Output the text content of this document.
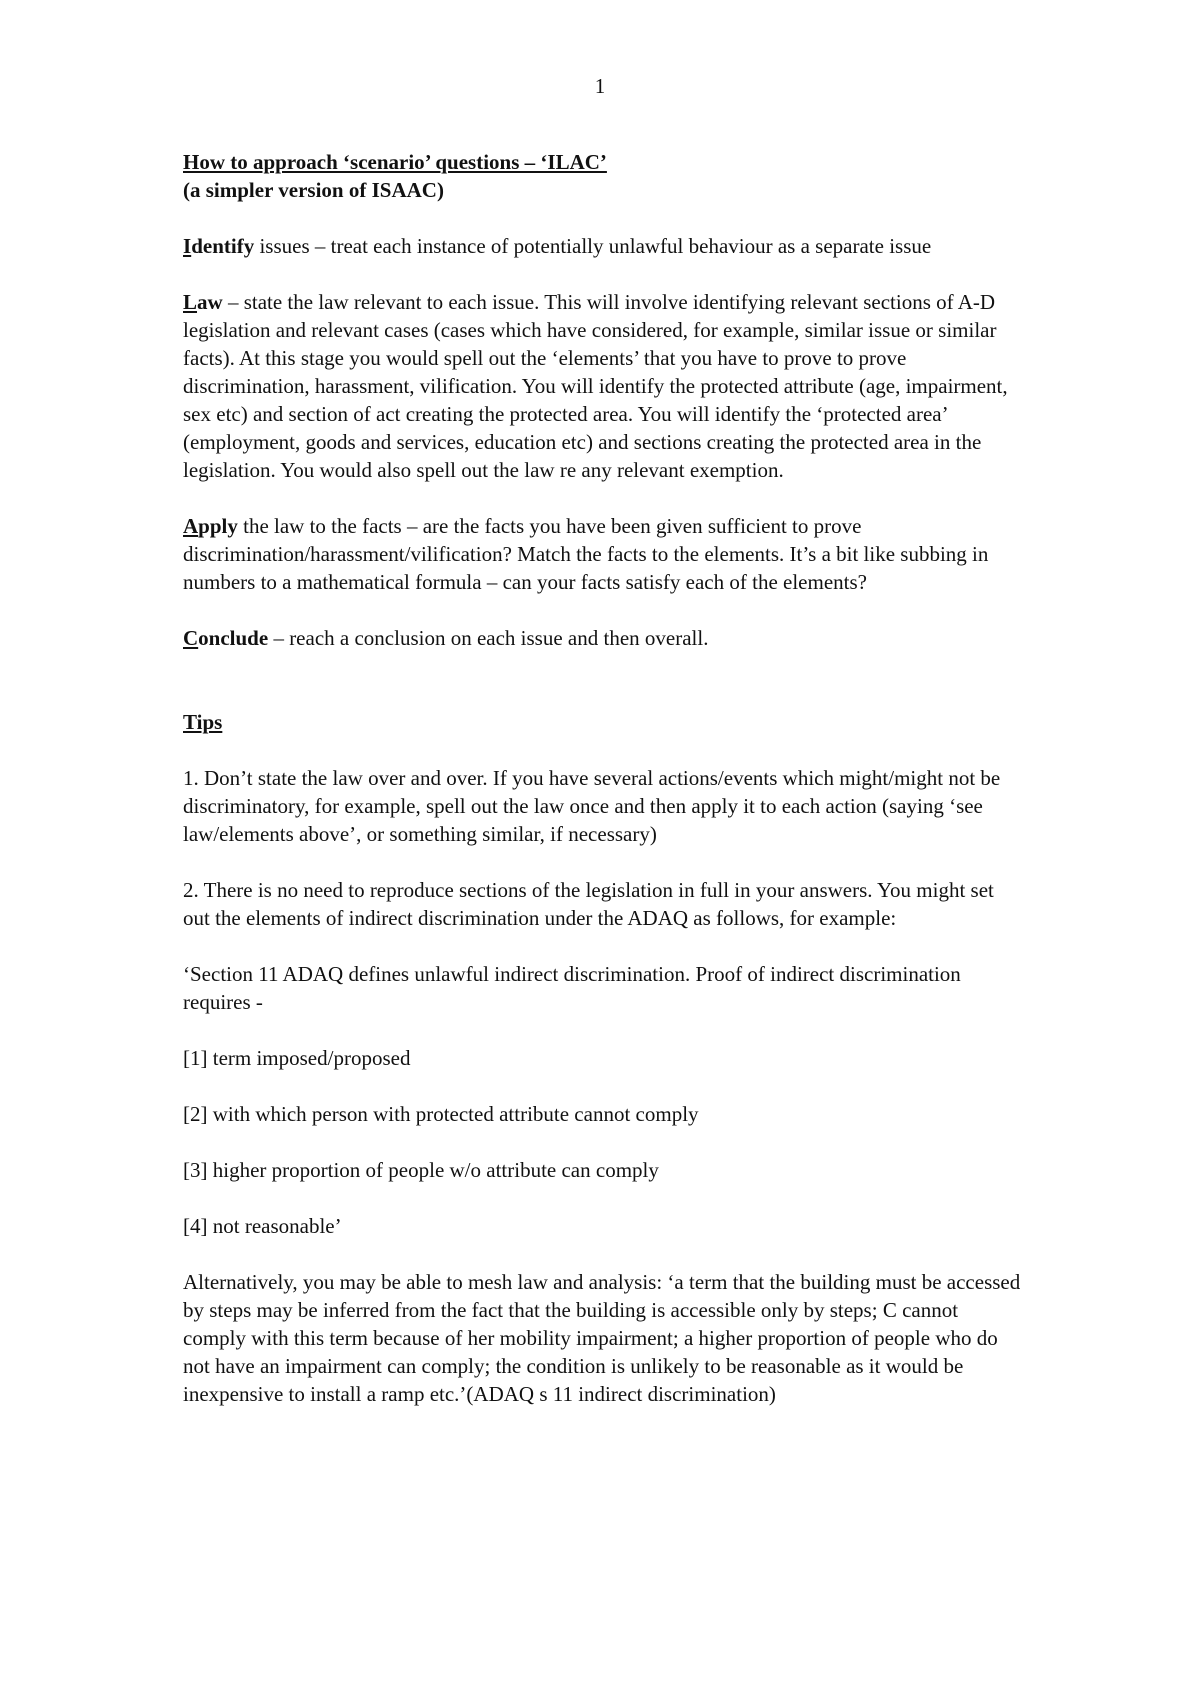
1

How to approach ‘scenario’ questions – ‘ILAC’
(a simpler version of ISAAC)

Identify issues – treat each instance of potentially unlawful behaviour as a separate issue

Law – state the law relevant to each issue. This will involve identifying relevant sections of A-D legislation and relevant cases (cases which have considered, for example, similar issue or similar facts). At this stage you would spell out the ‘elements’ that you have to prove to prove discrimination, harassment, vilification. You will identify the protected attribute (age, impairment, sex etc) and section of act creating the protected area. You will identify the ‘protected area’ (employment, goods and services, education etc) and sections creating the protected area in the legislation. You would also spell out the law re any relevant exemption.

Apply the law to the facts – are the facts you have been given sufficient to prove discrimination/harassment/vilification? Match the facts to the elements. It’s a bit like subbing in numbers to a mathematical formula – can your facts satisfy each of the elements?

Conclude – reach a conclusion on each issue and then overall.

Tips

1. Don’t state the law over and over. If you have several actions/events which might/might not be discriminatory, for example, spell out the law once and then apply it to each action (saying ‘see law/elements above’, or something similar, if necessary)

2. There is no need to reproduce sections of the legislation in full in your answers. You might set out the elements of indirect discrimination under the ADAQ as follows, for example:

‘Section 11 ADAQ defines unlawful indirect discrimination. Proof of indirect discrimination requires -

[1] term imposed/proposed

[2] with which person with protected attribute cannot comply

[3] higher proportion of people w/o attribute can comply

[4] not reasonable’

Alternatively, you may be able to mesh law and analysis: ‘a term that the building must be accessed by steps may be inferred from the fact that the building is accessible only by steps; C cannot comply with this term because of her mobility impairment; a higher proportion of people who do not have an impairment can comply; the condition is unlikely to be reasonable as it would be inexpensive to install a ramp etc.’(ADAQ s 11 indirect discrimination)
